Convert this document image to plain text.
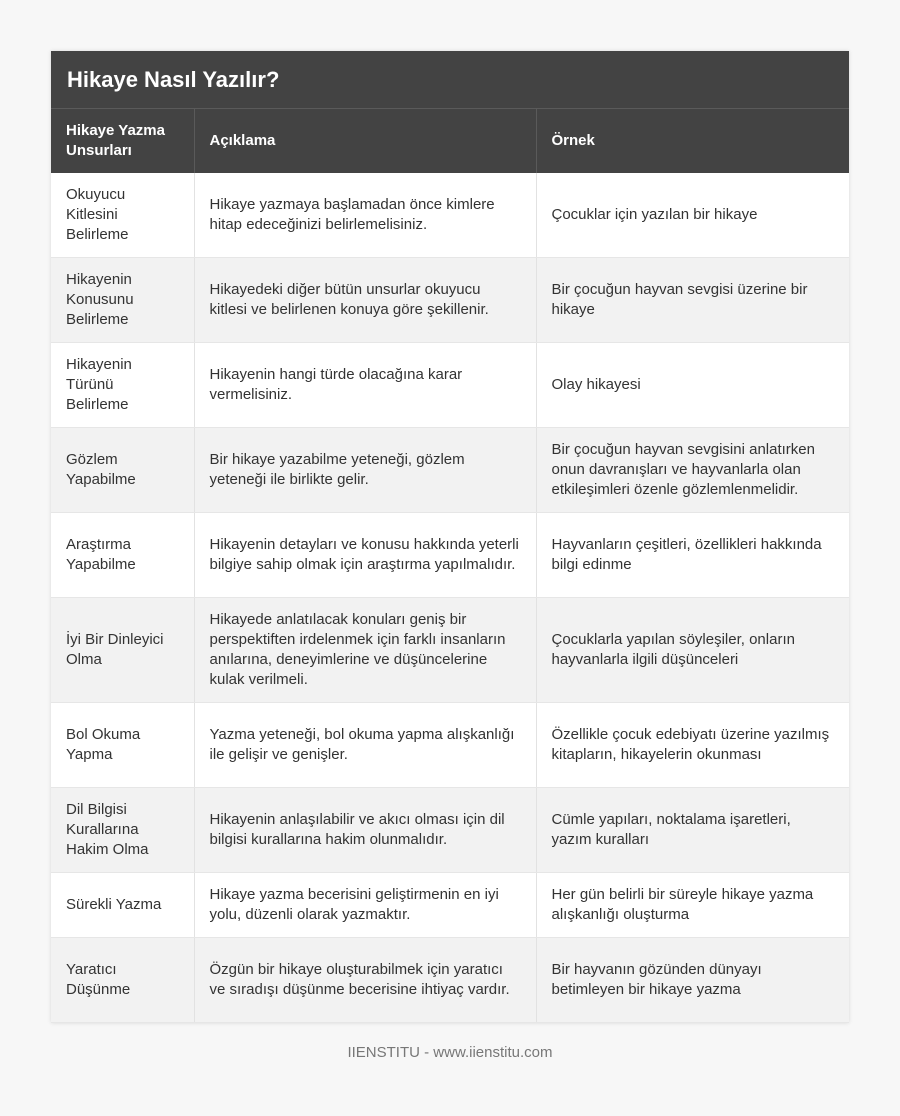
Hikaye Nasıl Yazılır?
Hikaye Yazma Unsurları	Açıklama	Örnek
Okuyucu Kitlesini Belirleme	Hikaye yazmaya başlamadan önce kimlere hitap edeceğinizi belirlemelisiniz.	Çocuklar için yazılan bir hikaye
Hikayenin Konusunu Belirleme	Hikayedeki diğer bütün unsurlar okuyucu kitlesi ve belirlenen konuya göre şekillenir.	Bir çocuğun hayvan sevgisi üzerine bir hikaye
Hikayenin Türünü Belirleme	Hikayenin hangi türde olacağına karar vermelisiniz.	Olay hikayesi
Gözlem Yapabilme	Bir hikaye yazabilme yeteneği, gözlem yeteneği ile birlikte gelir.	Bir çocuğun hayvan sevgisini anlatırken onun davranışları ve hayvanlarla olan etkileşimleri özenle gözlemlenmelidir.
Araştırma Yapabilme	Hikayenin detayları ve konusu hakkında yeterli bilgiye sahip olmak için araştırma yapılmalıdır.	Hayvanların çeşitleri, özellikleri hakkında bilgi edinme
İyi Bir Dinleyici Olma	Hikayede anlatılacak konuları geniş bir perspektiften irdelenmek için farklı insanların anılarına, deneyimlerine ve düşüncelerine kulak verilmeli.	Çocuklarla yapılan söyleşiler, onların hayvanlarla ilgili düşünceleri
Bol Okuma Yapma	Yazma yeteneği, bol okuma yapma alışkanlığı ile gelişir ve genişler.	Özellikle çocuk edebiyatı üzerine yazılmış kitapların, hikayelerin okunması
Dil Bilgisi Kurallarına Hakim Olma	Hikayenin anlaşılabilir ve akıcı olması için dil bilgisi kurallarına hakim olunmalıdır.	Cümle yapıları, noktalama işaretleri, yazım kuralları
Sürekli Yazma	Hikaye yazma becerisini geliştirmenin en iyi yolu, düzenli olarak yazmaktır.	Her gün belirli bir süreyle hikaye yazma alışkanlığı oluşturma
Yaratıcı Düşünme	Özgün bir hikaye oluşturabilmek için yaratıcı ve sıradışı düşünme becerisine ihtiyaç vardır.	Bir hayvanın gözünden dünyayı betimleyen bir hikaye yazma
IIENSTITU - www.iienstitu.com
